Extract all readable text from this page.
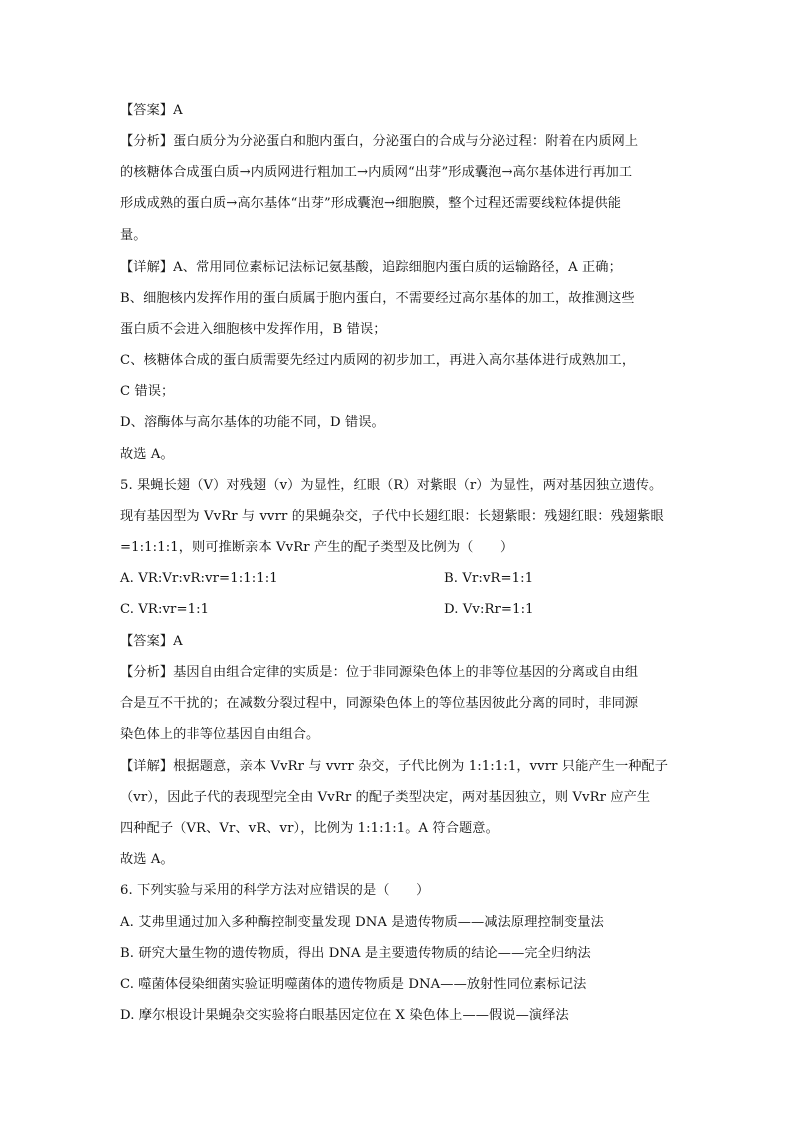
【答案】A
【分析】蛋白质分为分泌蛋白和胞内蛋白，分泌蛋白的合成与分泌过程：附着在内质网上
的核糖体合成蛋白质→内质网进行粗加工→内质网“出芽”形成囊泡→高尔基体进行再加工
形成成熟的蛋白质→高尔基体“出芽”形成囊泡→细胞膜，整个过程还需要线粒体提供能
量。
【详解】A、常用同位素标记法标记氨基酸，追踪细胞内蛋白质的运输路径，A 正确；
B、细胞核内发挥作用的蛋白质属于胞内蛋白，不需要经过高尔基体的加工，故推测这些
蛋白质不会进入细胞核中发挥作用，B 错误；
C、核糖体合成的蛋白质需要先经过内质网的初步加工，再进入高尔基体进行成熟加工，
C 错误；
D、溶酶体与高尔基体的功能不同，D 错误。
故选 A。
5. 果蝇长翅（V）对残翅（v）为显性，红眼（R）对紫眼（r）为显性，两对基因独立遗传。
现有基因型为 VvRr 与 vvrr 的果蝇杂交，子代中长翅红眼：长翅紫眼：残翅红眼：残翅紫眼
=1:1:1:1，则可推断亲本 VvRr 产生的配子类型及比例为（　　）
A. VR:Vr:vR:vr=1:1:1:1	B. Vr:vR=1:1
C. VR:vr=1:1	D. Vv:Rr=1:1
【答案】A
【分析】基因自由组合定律的实质是：位于非同源染色体上的非等位基因的分离或自由组
合是互不干扰的；在减数分裂过程中，同源染色体上的等位基因彼此分离的同时，非同源
染色体上的非等位基因自由组合。
【详解】根据题意，亲本 VvRr 与 vvrr 杂交，子代比例为 1:1:1:1，vvrr 只能产生一种配子
（vr），因此子代的表现型完全由 VvRr 的配子类型决定，两对基因独立，则 VvRr 应产生
四种配子（VR、Vr、vR、vr），比例为 1:1:1:1。A 符合题意。
故选 A。
6. 下列实验与采用的科学方法对应错误的是（　　）
A. 艾弗里通过加入多种酶控制变量发现 DNA 是遗传物质——减法原理控制变量法
B. 研究大量生物的遗传物质，得出 DNA 是主要遗传物质的结论——完全归纳法
C. 噬菌体侵染细菌实验证明噬菌体的遗传物质是 DNA——放射性同位素标记法
D. 摩尔根设计果蝇杂交实验将白眼基因定位在 X 染色体上——假说—演绎法
